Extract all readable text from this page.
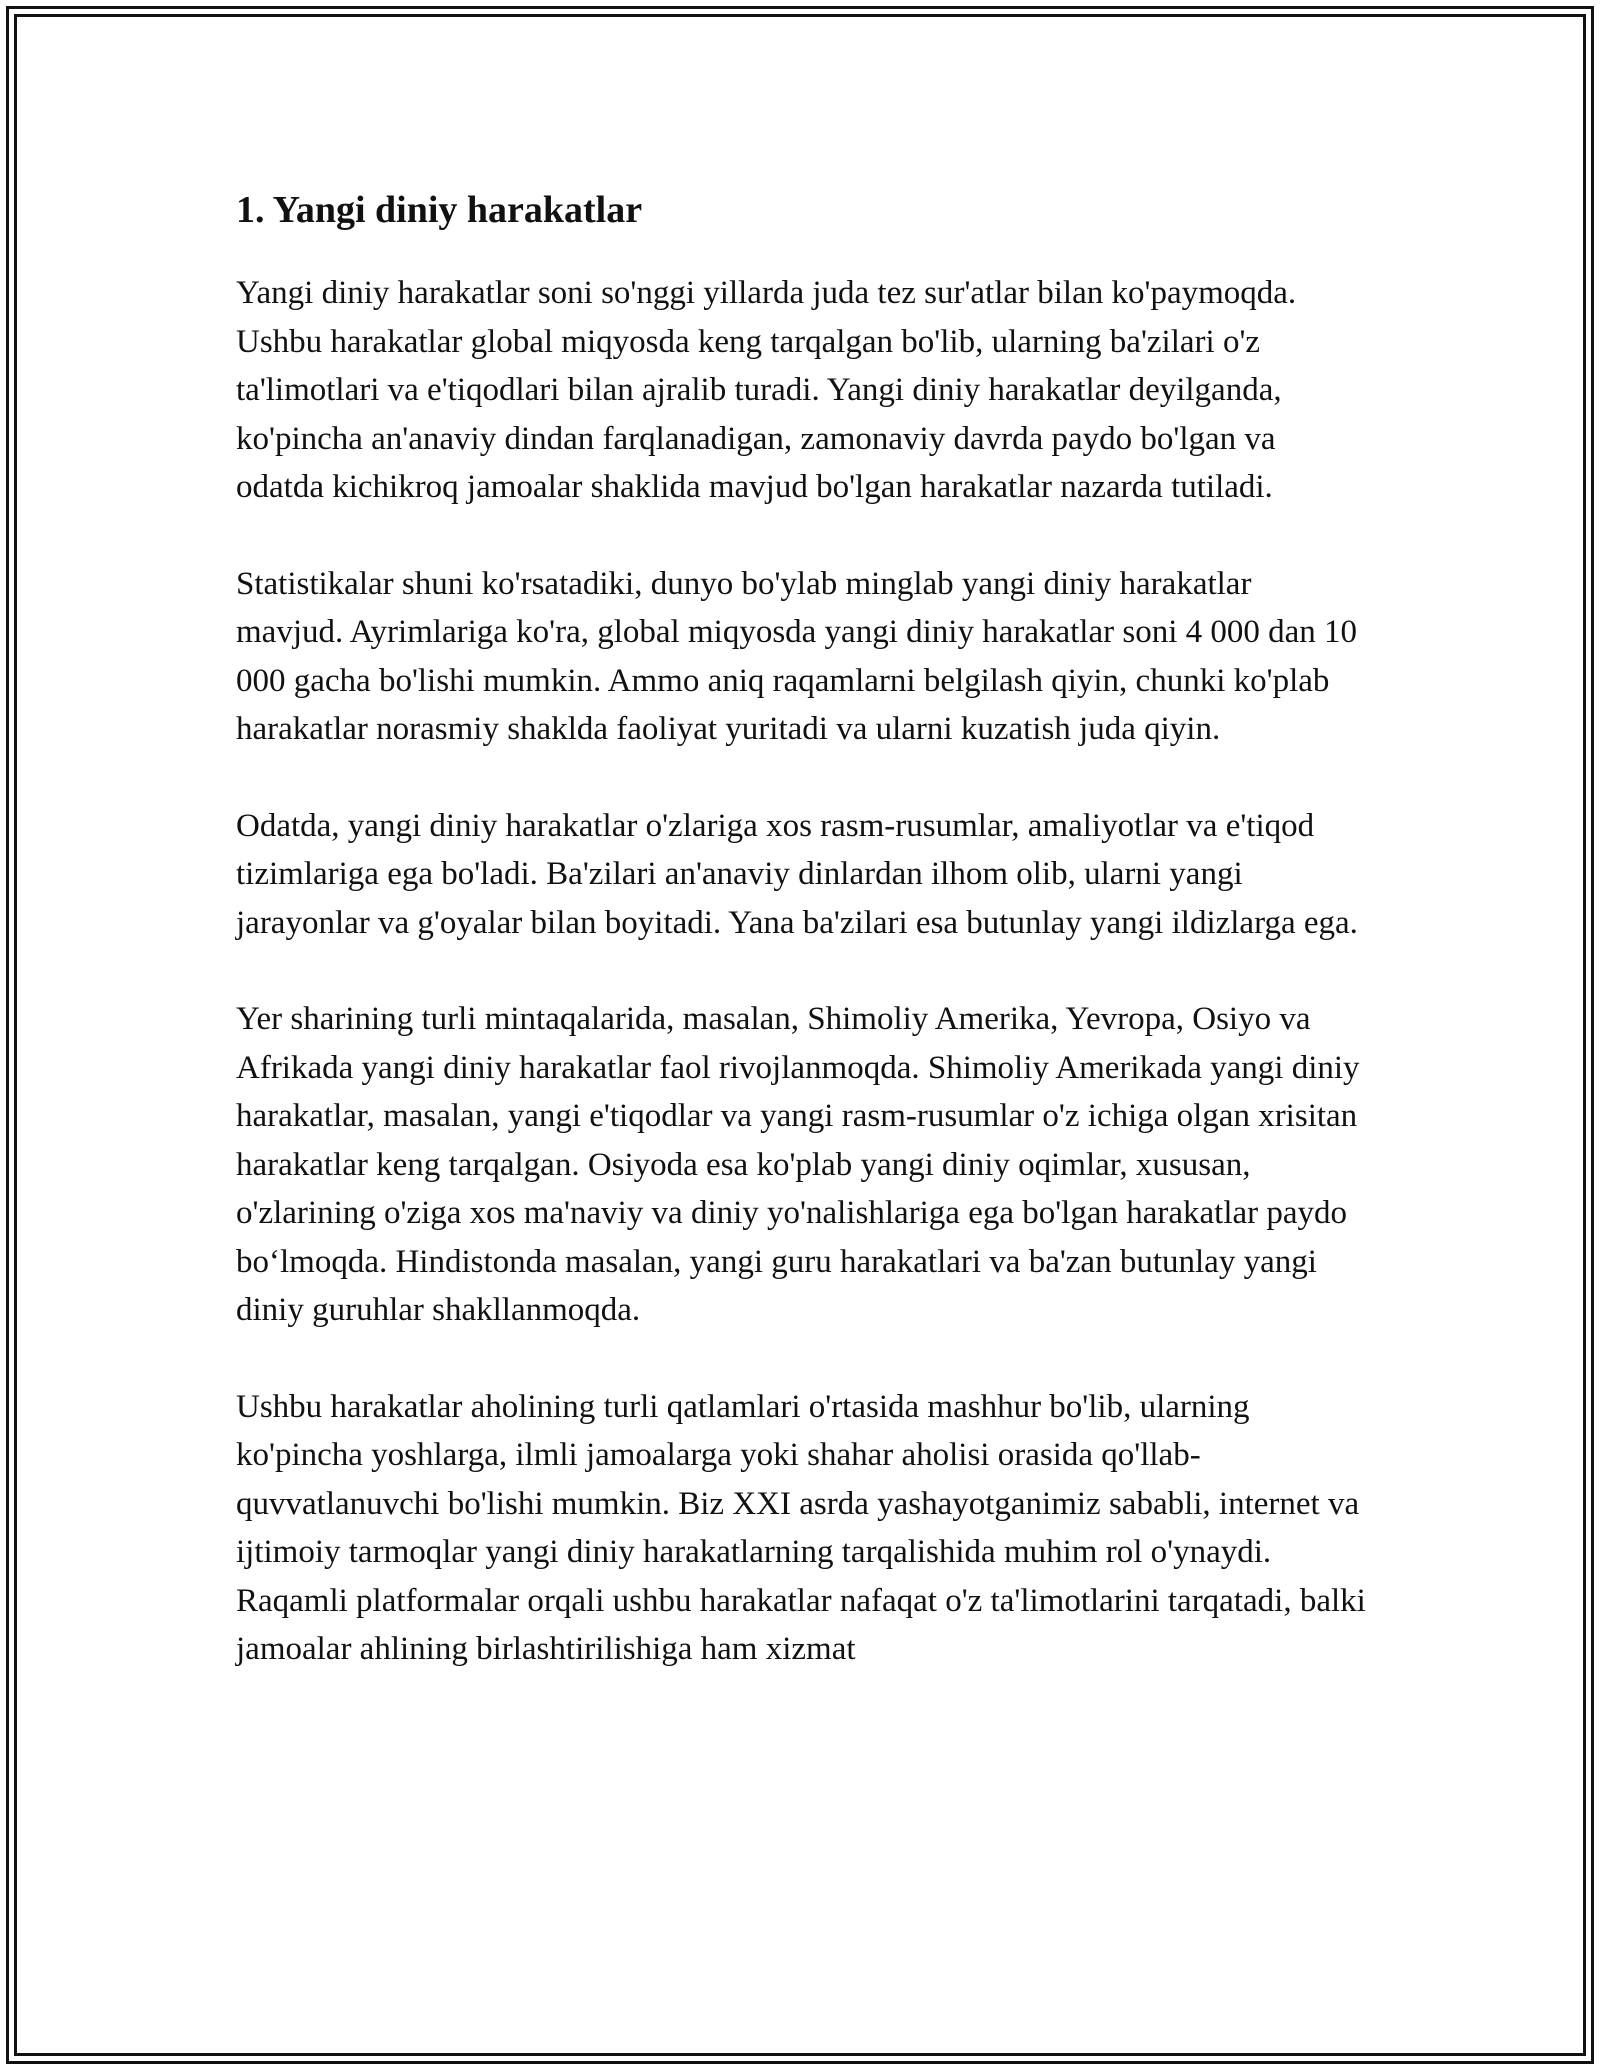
1. Yangi diniy harakatlar

Yangi diniy harakatlar soni so'nggi yillarda juda tez sur'atlar bilan ko'paymoqda. Ushbu harakatlar global miqyosda keng tarqalgan bo'lib, ularning ba'zilari o'z ta'limotlari va e'tiqodlari bilan ajralib turadi. Yangi diniy harakatlar deyilganda, ko'pincha an'anaviy dindan farqlanadigan, zamonaviy davrda paydo bo'lgan va odatda kichikroq jamoalar shaklida mavjud bo'lgan harakatlar nazarda tutiladi.

Statistikalar shuni ko'rsatadiki, dunyo bo'ylab minglab yangi diniy harakatlar mavjud. Ayrimlariga ko'ra, global miqyosda yangi diniy harakatlar soni 4 000 dan 10 000 gacha bo'lishi mumkin. Ammo aniq raqamlarni belgilash qiyin, chunki ko'plab harakatlar norasmiy shaklda faoliyat yuritadi va ularni kuzatish juda qiyin.

Odatda, yangi diniy harakatlar o'zlariga xos rasm-rusumlar, amaliyotlar va e'tiqod tizimlariga ega bo'ladi. Ba'zilari an'anaviy dinlardan ilhom olib, ularni yangi jarayonlar va g'oyalar bilan boyitadi. Yana ba'zilari esa butunlay yangi ildizlarga ega.

Yer sharining turli mintaqalarida, masalan, Shimoliy Amerika, Yevropa, Osiyo va Afrikada yangi diniy harakatlar faol rivojlanmoqda. Shimoliy Amerikada yangi diniy harakatlar, masalan, yangi e'tiqodlar va yangi rasm-rusumlar o'z ichiga olgan xrisitan harakatlar keng tarqalgan. Osiyoda esa ko'plab yangi diniy oqimlar, xususan, o'zlarining o'ziga xos ma'naviy va diniy yo'nalishlariga ega bo'lgan harakatlar paydo bo‘lmoqda. Hindistonda masalan, yangi guru harakatlari va ba'zan butunlay yangi diniy guruhlar shakllanmoqda.

Ushbu harakatlar aholining turli qatlamlari o'rtasida mashhur bo'lib, ularning ko'pincha yoshlarga, ilmli jamoalarga yoki shahar aholisi orasida qo'llab-quvvatlanuvchi bo'lishi mumkin. Biz XXI asrda yashayotganimiz sababli, internet va ijtimoiy tarmoqlar yangi diniy harakatlarning tarqalishida muhim rol o'ynaydi. Raqamli platformalar orqali ushbu harakatlar nafaqat o'z ta'limotlarini tarqatadi, balki jamoalar ahlining birlashtirilishiga ham xizmat
